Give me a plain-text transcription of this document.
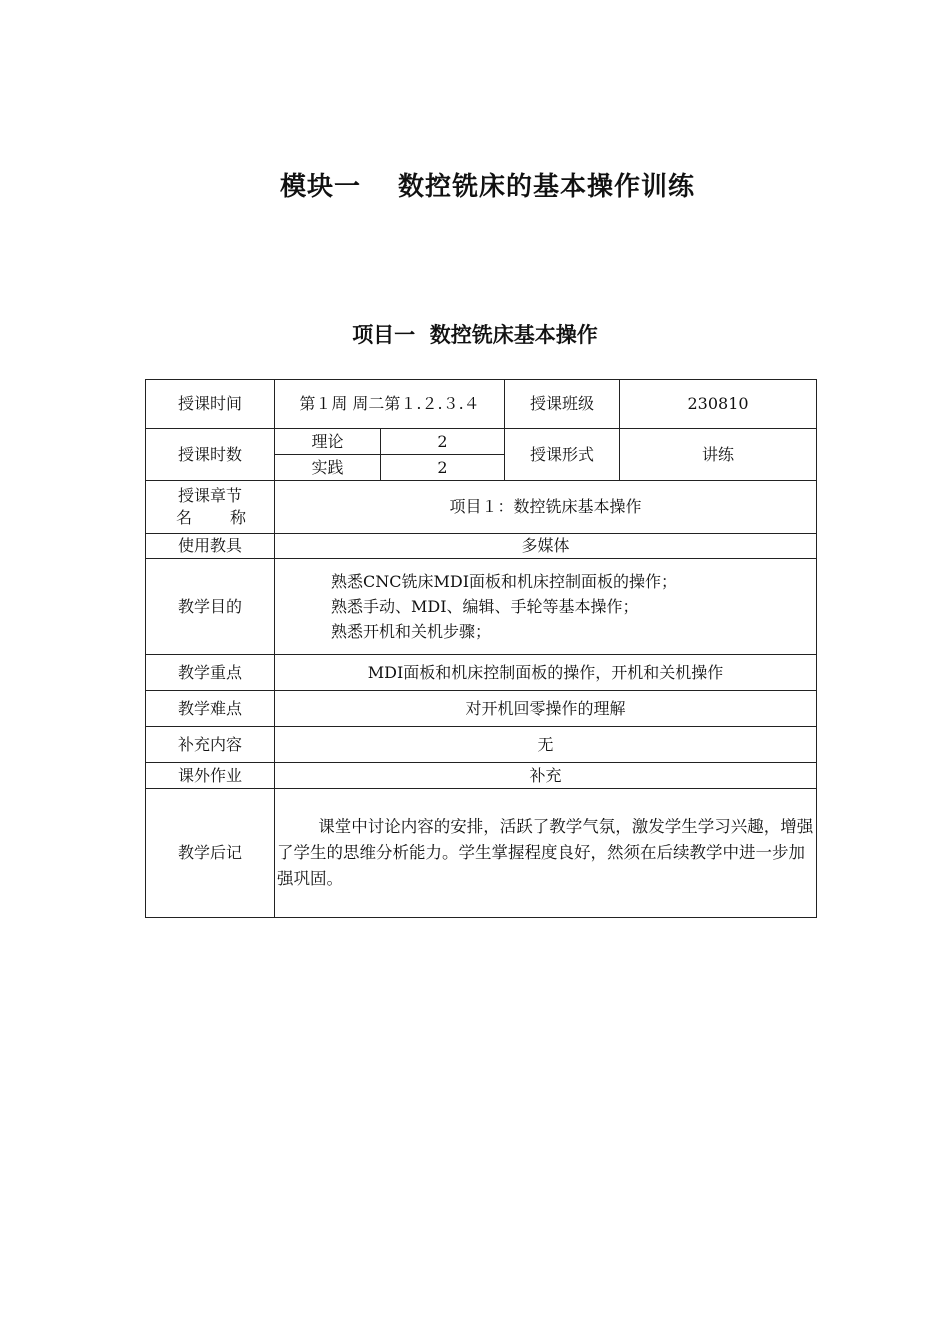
模块一　 数控铣床的基本操作训练
项目一  数控铣床基本操作
授课时间	第１周 周二第１.２.３.４		授课班级	230810
授课时数	理论	2	授课形式	讲练
	实践	2		

授课章节
名 称	项目１：数控铣床基本操作			
使用教具	多媒体			
教学目的	熟悉CNC铣床MDI面板和机床控制面板的操作；
熟悉手动、MDI、编辑、手轮等基本操作；
熟悉开机和关机步骤；			

教学重点	MDI面板和机床控制面板的操作，开机和关机操作			
教学难点	对开机回零操作的理解			
补充内容	无			
课外作业	补充			
教学后记	课堂中讨论内容的安排，活跃了教学气氛，激发学生学习兴趣，增强了学生的思维分析能力。学生掌握程度良好，然须在后续教学中进一步加强巩固。			
